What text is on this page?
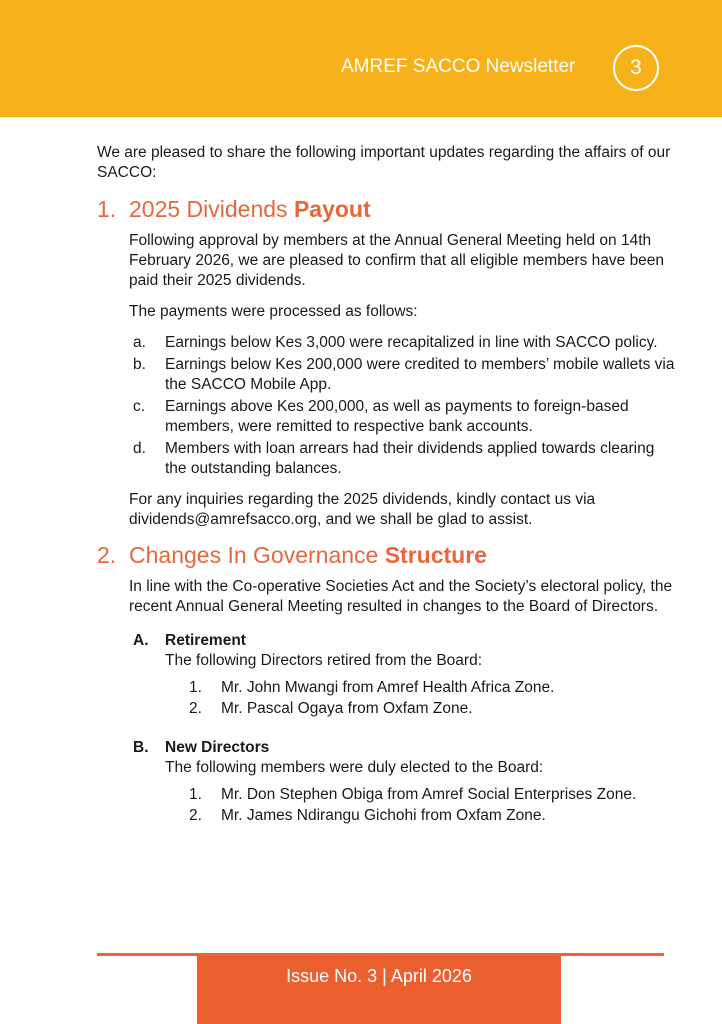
AMREF SACCO Newsletter	3

We are pleased to share the following important updates regarding the affairs of our SACCO:

1. 2025 Dividends Payout

Following approval by members at the Annual General Meeting held on 14th February 2026, we are pleased to confirm that all eligible members have been paid their 2025 dividends.

The payments were processed as follows:

a.	Earnings below Kes 3,000 were recapitalized in line with SACCO policy.
b.	Earnings below Kes 200,000 were credited to members’ mobile wallets via the SACCO Mobile App.
c.	Earnings above Kes 200,000, as well as payments to foreign-based members, were remitted to respective bank accounts.
d.	Members with loan arrears had their dividends applied towards clearing the outstanding balances.

For any inquiries regarding the 2025 dividends, kindly contact us via dividends@amrefsacco.org, and we shall be glad to assist.

2. Changes In Governance Structure

In line with the Co-operative Societies Act and the Society’s electoral policy, the recent Annual General Meeting resulted in changes to the Board of Directors.

A.	Retirement
The following Directors retired from the Board:
1.	Mr. John Mwangi from Amref Health Africa Zone.
2.	Mr. Pascal Ogaya from Oxfam Zone.
B.	New Directors
The following members were duly elected to the Board:
1.	Mr. Don Stephen Obiga from Amref Social Enterprises Zone.
2.	Mr. James Ndirangu Gichohi from Oxfam Zone.
Issue No. 3 | April 2026
